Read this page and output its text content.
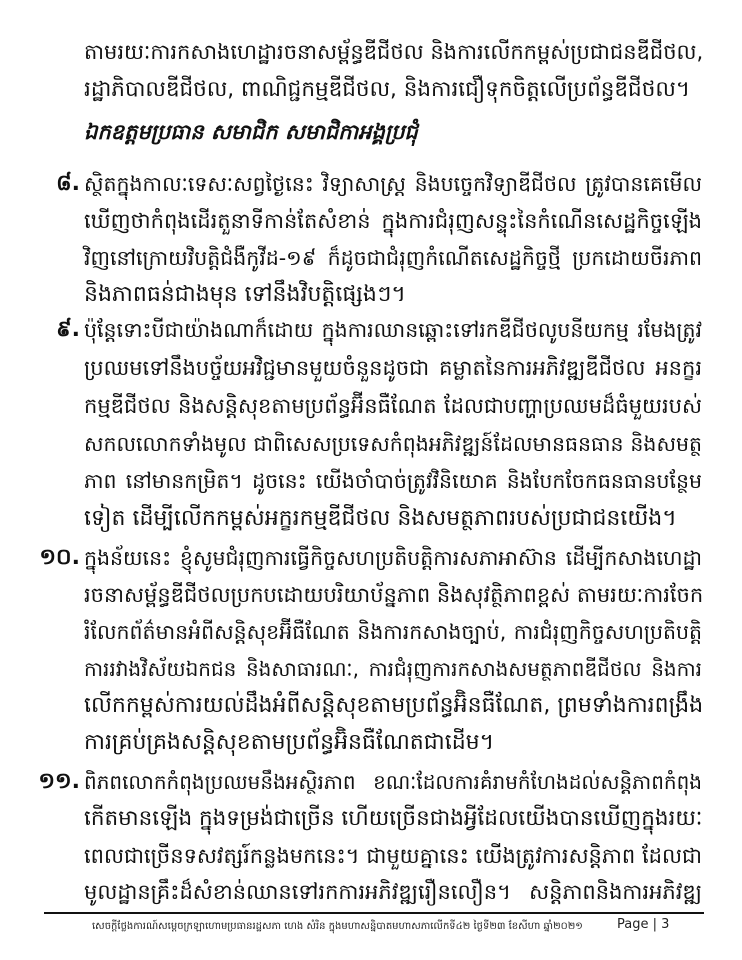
តាមរយៈការកសាងហេដ្ឋារចនាសម្ព័ន្ធឌីជីថល និងការលើកកម្ពស់ប្រជាជនឌីជីថល,
រដ្ឋាភិបាលឌីជីថល, ពាណិជ្ជកម្មឌីជីថល, និងការជឿទុកចិត្តលើប្រព័ន្ធឌីជីថល។
ឯកឧត្តមប្រធាន សមាជិក សមាជិកាអង្គប្រជុំ
៨. ស្ថិតក្នុងកាលៈទេសៈសព្វថ្ងៃនេះ វិទ្យាសាស្ត្រ និងបច្ចេកវិទ្យាឌីជីថល ត្រូវបានគេមើល
ឃើញថាកំពុងដើរតួនាទីកាន់តែសំខាន់ ក្នុងការជំរុញសន្ទុះនៃកំណើនសេដ្ឋកិច្ចឡើង
វិញនៅក្រោយវិបត្តិជំងឺកូវីដ-១៩ ក៏ដូចជាជំរុញកំណើតសេដ្ឋកិច្ចថ្មី ប្រកដោយចីរភាព
និងភាពធន់ជាងមុន ទៅនឹងវិបត្តិផ្សេងៗ។
៩. ប៉ុន្តែទោះបីជាយ៉ាងណាក៏ដោយ ក្នុងការឈានឆ្ពោះទៅរកឌីជីថលូបនីយកម្ម រមែងត្រូវ
ប្រឈមទៅនឹងបច្ច័យអវិជ្ជមានមួយចំនួនដូចជា គម្លាតនៃការអភិវឌ្ឍឌីជីថល អនក្ខរ
កម្មឌីជីថល និងសន្តិសុខតាមប្រព័ន្ធអ៊ីនធឺណែត ដែលជាបញ្ហាប្រឈមដ៏ធំមួយរបស់
សកលលោកទាំងមូល ជាពិសេសប្រទេសកំពុងអភិវឌ្ឍន៍ដែលមានធនធាន និងសមត្ថ
ភាព នៅមានកម្រិត។ ដូចនេះ យើងចាំបាច់ត្រូវវិនិយោគ និងបែកចែកធនធានបន្ថែម
ទៀត ដើម្បីលើកកម្ពស់អក្ខរកម្មឌីជីថល និងសមត្ថភាពរបស់ប្រជាជនយើង។
១០. ក្នុងន័យនេះ ខ្ញុំសូមជំរុញការធ្វើកិច្ចសហប្រតិបត្តិការសភាអាស៊ាន ដើម្បីកសាងហេដ្ឋា
រចនាសម្ព័ន្ធឌីជីថលប្រកបដោយបរិយាប័ន្នភាព និងសុវត្ថិភាពខ្ពស់ តាមរយៈការចែក
រំលែកព័ត៌មានអំពីសន្តិសុខអ៊ីធឺណែត និងការកសាងច្បាប់, ការជំរុញកិច្ចសហប្រតិបត្តិ
ការរវាងវិស័យឯកជន និងសាធារណៈ, ការជំរុញការកសាងសមត្ថភាពឌីជីថល និងការ
លើកកម្ពស់ការយល់ដឹងអំពីសន្តិសុខតាមប្រព័ន្ធអ៊ិនធឺណែត, ព្រមទាំងការពង្រឹង
ការគ្រប់គ្រងសន្តិសុខតាមប្រព័ន្ធអ៊ិនធឺណែតជាដើម។
១១. ពិភពលោកកំពុងប្រឈមនឹងអស្ថិរភាព ខណៈដែលការគំរាមកំហែងដល់សន្តិភាពកំពុង
កើតមានឡើង ក្នុងទម្រង់ជាច្រើន ហើយច្រើនជាងអ្វីដែលយើងបានឃើញក្នុងរយៈ
ពេលជាច្រើនទសវត្សរ៍កន្លងមកនេះ។ ជាមួយគ្នានេះ យើងត្រូវការសន្តិភាព ដែលជា
មូលដ្ឋានគ្រឹះដ៏សំខាន់ឈានទៅរកការអភិវឌ្ឍរឿនលឿន។ សន្តិភាពនិងការអភិវឌ្ឍ
សេចក្តីថ្លែងការណ៍សម្តេចក្រឡាហោមប្រធានរដ្ឋសភា ហេង សំរិន ក្នុងមហាសន្និបាតមហាសភាលើកទី៤២ ថ្ងៃទី២៣ ខែសីហា ឆ្នាំ២០២១	Page | 3
